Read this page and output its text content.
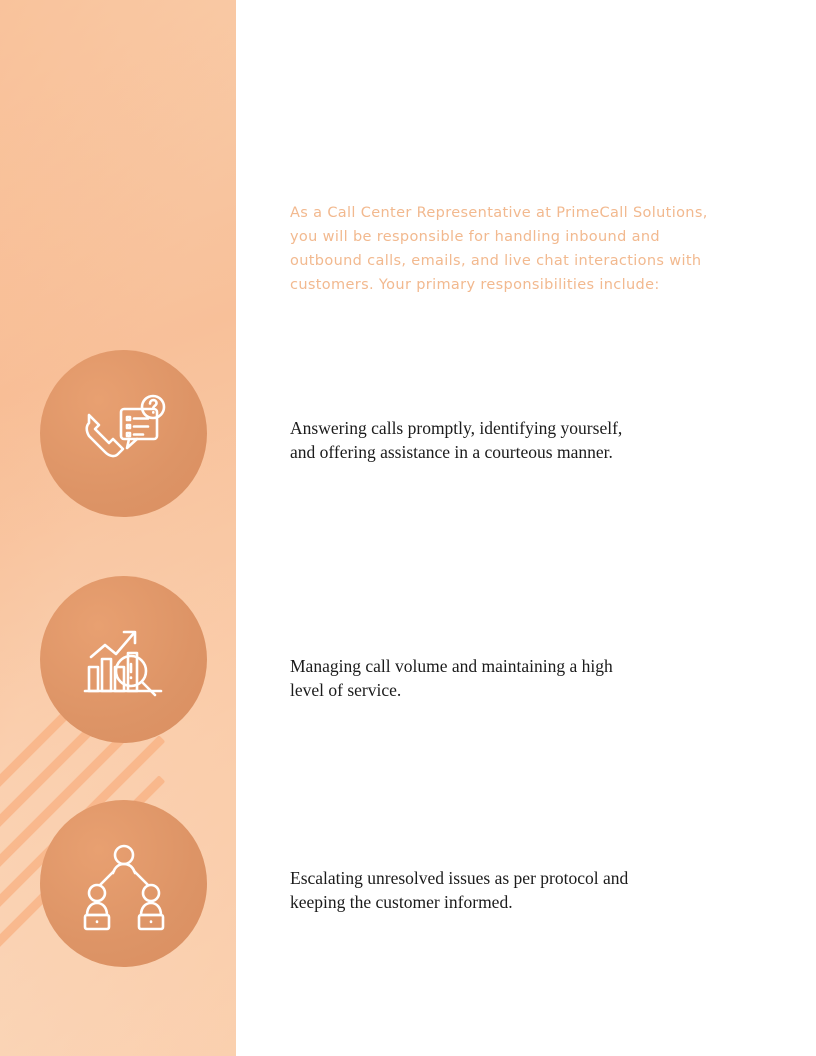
As a Call Center Representative at PrimeCall Solutions, you will be responsible for handling inbound and outbound calls, emails, and live chat interactions with customers. Your primary responsibilities include:

Answering calls promptly, identifying yourself, and offering assistance in a courteous manner.

Managing call volume and maintaining a high level of service.

Escalating unresolved issues as per protocol and keeping the customer informed.
